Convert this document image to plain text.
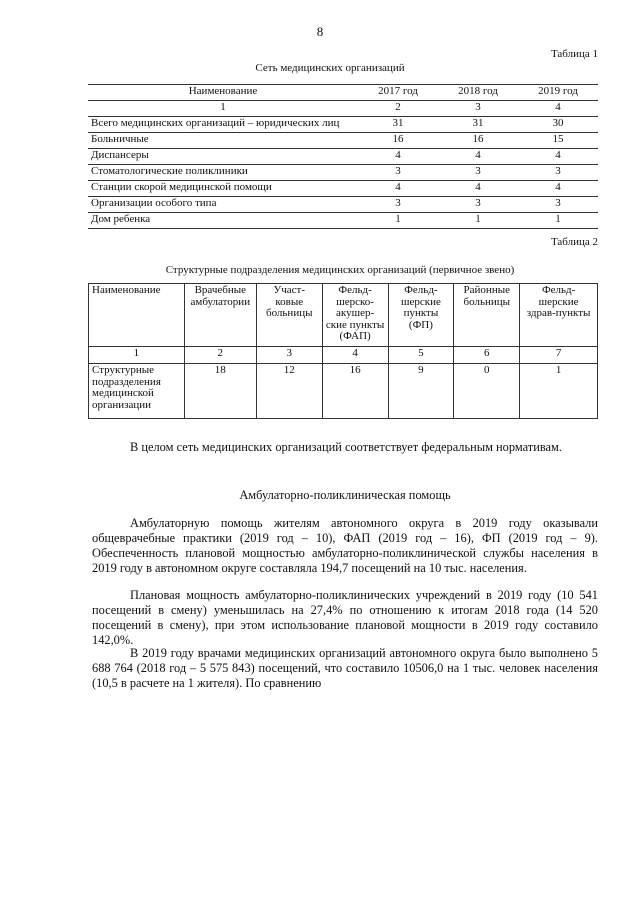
8
Таблица 1
Сеть медицинских организаций
Наименование	2017 год	2018 год	2019 год
1	2	3	4
Всего медицинских организаций – юридических лиц	31	31	30
Больничные	16	16	15
Диспансеры	4	4	4
Стоматологические поликлиники	3	3	3
Станции скорой медицинской помощи	4	4	4
Организации особого типа	3	3	3
Дом ребенка	1	1	1
Таблица 2
Структурные подразделения медицинских организаций (первичное звено)
Наименование	Врачебные амбулатории	Участ-ковые больницы	Фельд-шерско-акушер-ские пункты (ФАП)	Фельд-шерские пункты (ФП)	Районные больницы	Фельд-шерские здрав-пункты
1	2	3	4	5	6	7
Структурные подразделения медицинской организации	18	12	16	9	0	1
В целом сеть медицинских организаций соответствует федеральным нормативам.
Амбулаторно-поликлиническая помощь
Амбулаторную помощь жителям автономного округа в 2019 году оказывали общеврачебные практики (2019 год – 10), ФАП (2019 год – 16), ФП (2019 год – 9). Обеспеченность плановой мощностью амбулаторно-поликлинической службы населения в 2019 году в автономном округе составляла 194,7 посещений на 10 тыс. населения.
Плановая мощность амбулаторно-поликлинических учреждений в 2019 году (10 541 посещений в смену) уменьшилась на 27,4% по отношению к итогам 2018 года (14 520 посещений в смену), при этом использование плановой мощности в 2019 году составило 142,0%.
В 2019 году врачами медицинских организаций автономного округа было выполнено 5 688 764 (2018 год – 5 575 843) посещений, что составило 10506,0 на 1 тыс. человек населения (10,5 в расчете на 1 жителя). По сравнению
